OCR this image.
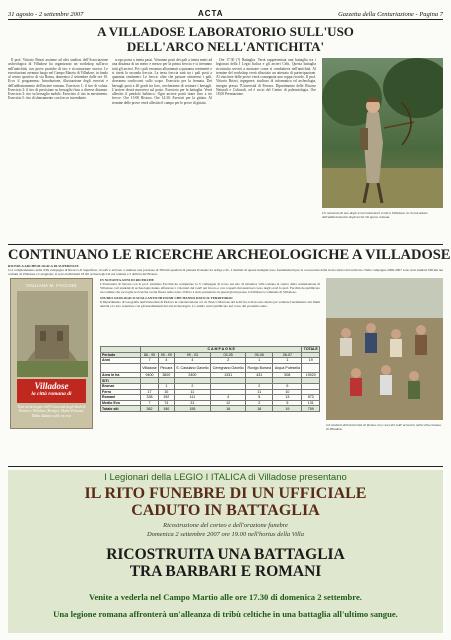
31 agosto - 2 settembre 2007	ACTA	Gazzetta della Centuriazione - Pagina 7
A VILLADOSE LABORATORIO SULL'USO
DELL'ARCO NELL'ANTICHITA'

Il prof. Vittorio Brizzi assieme ad altri studiosi dell'Associazione archeologica di Villadose ha organizzato un workshop sull'arco nell'antichità, con prove pratiche di tiro e ricostruzione storica. Le esercitazioni avranno luogo nel Campo Marzio di Villadose, in fondo al centro sportivo di via Roma, domenica 2 settembre dalle ore 10. Ecco il programma: Introduzione, illustrazione degli esercizi e dell'addestramento dell'arciere romano. Esercizio 1: il tiro di volata. Esercizio 2: il tiro di precisione su bersaglio fisso a diverse distanze. Esercizio 3: tiro su bersaglio mobile. Esercizio 4: tiro in movimento. Esercizio 5: tiro di sbarramento con frecce incendiarie.

scopo posta a trenta passi. Verranno posti dei pali a trenta metri ad una distanza di un metro e mezzo per la prima freccia e si tireranno tutti gli arcieri. Poi i pali verranno allontanati a quaranta centimetri e si tirerà la seconda freccia. La terza freccia sarà tra i pali posti a quaranta centimetri. Le frecce, oltre che passare attraverso i pali, dovranno conficcarsi sullo scopo. Esercizio per la fermata. Dei bersagli posti a 40 gradi tra loro, cercheranno di centrare i bersagli. L'arciere dovrà muoversi sul posto. Esercizio per la battaglia. Verrà allestito il pendolo balistico. Ogni arciere potrà tirare fino a tre frecce. Ore 13-00 Ristoro. Ore 14.30: Esercizi per la gittata. Al termine delle prove verrà allestito il campo per le prove di gittata.

Ore 17.30 (?) Battaglia. Verrà rappresentata una battaglia tra i legionari della I Legio Italica e gli arcieri Celti. Questa battaglia ricostruita servirà a mostrare come si combatteva nell'antichità. Al termine del workshop verrà rilasciato un attestato di partecipazione. Al vincitore delle prove verrà consegnata una coppa ricordo. Il prof. Vittorio Brizzi, ingegnere, studioso di informatica ed archeologia, insegna presso l'Università di Ferrara. Dipartimento delle Risorse Naturali e Culturali, ed è socio del Centro di paleontologia. Ore 18,00 Premiazione.

Un momento di uno degli scorsi laboratori svolti a Villadose: la ricostruzione dell'addestramento degli arcieri di epoca romana.
CONTINUANO LE RICERCHE ARCHEOLOGICHE A VILLADOSE
RICERCA ARCHEOLOGICA DI SUPERFICIE
Col completamento della XIX campagna di Ricerca di Superficie, il GAV è arrivato a studiare una porzione di 390 km quadrati di pianura Polesine tra Adige e Po. I risultati di queste indagini sono fondamentali per la conoscenza della storia antica del territorio. Nella campagna 2006-2007 sono stati studiati 348 km nei comuni di Villadose e Ceregnano; si sono individuati 18 siti archeologici di età romana e 2 dell'età del Bronzo.
GIULIANA M. FACCHIN
Villadose
la città romana di
Testi archeologici dell'Università degli Studi di Verona a Villadose (Rovigo). Medio Polesine. Dalla didattica alla ricerca
IN NOVANTA ANNI DI RICERCHE
L'Università di Verona con la prof. Giuliana Facchin ha completato la V campagna di scavo sul sito di un'antica villa romana al centro della centuriazione di Villadose. Gli studenti di archeologia hanno affiancato i volontari del GAV nel lavoro e con i reperti rinvenuti nel corso degli scavi la prof. Facchin ha pubblicato un volume che raccoglie le ricerche svolte finora nella zona. Il libro è stato presentato in questi giorni presso la biblioteca comunale di Villadose.
STUDIO GEOLOGICO SUGLI ANTICHI FIUMI CHE HANNO DATO IL TERRITORIO
Il Dipartimento di Geografia dell'Università di Padova in collaborazione col dr. Enrico Marrone del GAV ha avviato uno studio per valutare l'andamento dei fiumi antichi e la loro relazione con gli insediamenti dei siti archeologici. Lo studio verrà pubblicato nel corso del prossimo anno.
	C A M P A G N E						TOTALE
Periodo	88 - 95	95 - 99	99 - 03	03-05	05-06	06-07	
Anni	7	4	4	2	1	1	19
	Villadose	Pincara	S. Cassiano Gavello	Ceregnano Gavello	Rovigo Borsea	Arquà Polesella	
Area in ha	9400	3600	2400	1331	431	508	19020
SITI							
Bronzo		1	2		2	5	
Ferro	17	10	11		11	10	
Romani	338	192	111	4	5	13	573
Medio Evo	7	74	31	12	2	5	131
Totale siti	362	190	155	16	18	19	759
Gli studenti dell'università di Verona con i soci del GAV al lavoro nella villa romana di Villadose.
I Legionari della LEGIO I ITALICA di Villadose presentano
IL RITO FUNEBRE DI UN UFFICIALE
CADUTO IN BATTAGLIA
Ricostruzione del corteo e dell'orazione funebre
Domenica 2 settembre 2007 ore 19.00 nell'hortus della Villa
RICOSTRUITA UNA BATTAGLIA
TRA BARBARI E ROMANI
Venite a vederla nel Campo Martio alle ore 17.30 di domenica 2 settembre.
Una legione romana affronterà un'alleanza di tribù celtiche in una battaglia all'ultimo sangue.
